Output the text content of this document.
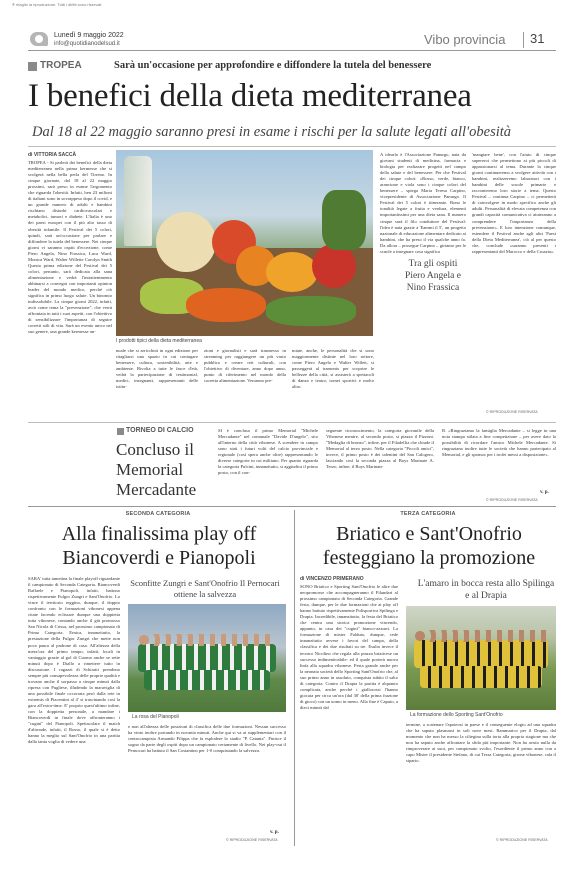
® ritaglio la riproduzione. Tutti i diritti sono riservati
Lunedì 9 maggio 2022
info@quotidianodelsud.it	Vibo provincia 31
TROPEA	Sarà un'occasione per approfondire e diffondere la tutela del benessere
I benefici della dieta mediterranea
Dal 18 al 22 maggio saranno presi in esame i rischi per la salute legati all'obesità
di VITTORIA SACCÀ
TROPEA - Si parlerà dei benefici della dieta mediterranea nella prima kermesse che si svolgerà nella bella perla del Tirreno. In cinque giornate, dal 18 al 22 maggio prossimi, sarà preso in esame l'argomento che riguarda l'obesità. Infatti, ben 23 milioni di italiani sono in sovrappeso dopo il covid, e un grande numero di adulti e bambini rischiano disturbi cardiovascolari e metabolici, tumori e diabete. L'Italia è uno dei paesi europei con il più alto tasso di obesità infantile. Il Festival dei 5 colori, quindi, sarà un'occasione per parlare e diffondere la tutela del benessere. Nei cinque giorni vi saranno ospiti d'eccezione, come Piero Angela, Nino Frassica, Luca Ward, Monica Ward, Walter Willette Carolyn Smith Questa prima edizione del Festival dei 5 colori, pertanto, sarà dedicata alla sana alimentazione e vedrà l'intrattenimento abbinarsi a convegni con importanti opinion leader del mondo medico, perché ciò significa in primo luogo salute. Un binomio indissolubile. La cinque giorni 2022, infatti, avrà come tema la "prevenzione", che verrà affrontata in tutti i suoi aspetti, con l'obiettivo di sensibilizzare l'importanza di seguire corretti stili di vita. Sarà un evento unico nel suo genere, una grande kermesse an-
I prodotti tipici della dieta mediterranea
nuale che si arricchirà in ogni edizione per ritagliarsi uno spazio in cui coniugare benessere, cultura, sostenibilità, arte e ambiente. Rivolta a tutte le fasce d'età, vedrà la partecipazione di testimonial, medici, insegnanti, rappresentanti delle istitu-
zioni e giornalisti e sarà trasmesso in streaming per raggiungere un più vasto pubblico e creare reti culturali, con l'obiettivo di diventare, anno dopo anno, punto di riferimento nel mondo della corretta alimentazione. Verranno pre-
miate, anche, le personalità che si sono maggiormente distinte nel loro settore, come Piero Angela e Walter Willett, si passeggerà al tramonto per scoprire le bellezze della città, si assisterà a spettacoli di danza e teatro, tornei sportivi e molto altro.
A idearlo è l'Associazione Panurgo, nata da giovani studenti di medicina, farmacia e biologia per realizzare progetti nel campo della salute e del benessere. Per che Festival dei cinque colori: «Rosso, verde, bianco, arancione e viola sono i cinque colori del benessere – spiega Maria Teresa Carpino, vicepresidente di Associazione Panurgo. Il Festival dei 5 colori è itinerante. Bono le tonalità legate a frutta e verdura, elementi importantissimi per una dieta sana. Il numero cinque sarà il filo conduttore del Festival: l'idea è nata grazie a 'Eammi il 5', un progetto nazionale di educazione alimentare dedicato ai bambini, che ha preso il via qualche anno fa. Da allora – prosegue Carpino – giriamo per le scuole a insegnare cosa significa
Tra gli ospiti Piero Angela e Nino Frassica
'mangiare bene', con l'aiuto di cinque supereroi che permettono ai più piccoli di appassionarsi al tema. Durante la cinque giorni continueremo a svolgere attività con i bambini, realizzeremo laboratori con i bambini delle scuole primarie e racconteremo loro storie a tema. Questo Festival – continua Carpino – ci permetterà di coinvolgere in modo specifico anche gli adulti. Personalità di elevata competenza con grandi capacità comunicativa ci aiuteranno a comprendere l'importanza della prevenzione». E loro intenzione comunque, estendere il Festival anche agli altri 'Paesi della Dieta Mediterranea', ciò al per questo che, conclude «saranno presenti i rappresentanti del Marocco e della Croazia».
© RIPRODUZIONE RISERVATA
TORNEO DI CALCIO
Concluso il Memorial Mercadante
SI è concluso il primo Memorial "Michele Mercadante" nel comunale "Davide D'angelo", sito all'interno della città vibonese. A scendere in campo sono stati i futuri volti del calcio provinciale e regionale (così spera anche oltre) rappresentando le diverse categorie in cui militano. Per quanto riguarda la categoria Pulcini, innanzitutto, si aggiudica il primo posto, con il con-
seguente riconoscimento, la categoria giovanile della Vibonese mentre, al secondo posto, si piazza il Pizzoni. "Medaglia di bronzo", infine, per il Filadelfia che chiude il Memorial al terzo posto. Nella categoria "Piccoli amici", invece, il primo posto è dei talentini del San Calogero, lasciando così la seconda piazza al Boys Marinate A. Terzo, infine, il Boys Marinate
B. «Ringraziamo la famiglia Mercadante – si legge in una nota stampa stilata a fine competizione – per avere dato la possibilità di ricordare l'amico Michele Mercadante. Si ringraziano inoltre tutte le società che hanno partecipato al Memorial, e gli sponsor per i trofei messi a disposizione».
v. p.
© RIPRODUZIONE RISERVATA
SECONDA CATEGORIA
Alla finalissima play off Biancoverdi e Pianopoli
SARA' tutta tametina la finale playoff riguardante il campionato di Seconda Categoria. Biancoverdi Raffaele e Pianopoli, infatti, battono rispettivamente Fulgor Zungri e Sant'Onofrio. Lo vince il territorio reggino, dunque, il doppio confronto con le formazioni vibonesi appena citate facendo eclissare dunque una doppietta tutta vibonese, contando anche il già promosso San Nicola di Crissa, nel prossimo campionato di Prima Categoria. Ernica, innanzitutto, la prestazione della Fulgor Zungri che mette non poca paura al padrone di casa. All'altezza della mezz'ora del primo tempo, infatti, locali in vantaggio grazie al gol di Cuomo anche se sette minuti dopo è Diallo a rimettere tutto in discussione. I ragazzi di Schiariti prendono sempre più consapevolezza delle proprie qualità e trovano anche il sorpasso a cinque minuti dalla ripresa con Pugliese, illudendo la maraviglia di una possibile finale occorrata però dalla rete in extremis di Piacentini al 4' st trascinando così la gara all'extra-time. E' proprio quest'ultimo infine, con la doppietta personale, a mandare i Biancoverdi in finale dove affronteranno i "cugini" del Pianopoli. Spettacolare il match d'altronde, infatti, il Rosso, il quale si è detto hanno la meglio sul Sant'Onofrio in una partita dalla tanta voglia di vedere una
Sconfitte Zungri e Sant'Onofrio Il Pernocari ottiene la salvezza
La rosa del Pianopoli
e non all'altezza delle posizioni di classifica delle due formazioni. Nessun successo ha vinto inoltre portando in novanta minuti. Anche qui si va ai supplementari con il centrocampista Armando Filippa che fa esplodere lo stadio "P. Catania". Finisce il sogno da parte degli ospiti dopo un campionato certamente di livello. Nei play-out il Pernocari ha battuto il San Costantino per 1-0 conquistando la salvezza.
v. p.
© RIPRODUZIONE RISERVATA
TERZA CATEGORIA
Briatico e Sant'Onofrio festeggiano la promozione
di VINCENZO PRIMERANO
SONO Briatico e Sporting Sant'Onofrio le altre due neopromosse che accompagneranno il Filandari al prossimo campionato di Seconda Categoria. Grande festa, dunque, per le due formazioni che ai play off hanno battuto rispettivamente Polisportiva Spilinga e Drapia. Incredibile, innanzitutto, la festa del Briatico che centra una storica promozione vincendo, appunto, in casa dei "cugini" bianco-azzurri. La formazione di mister Falduto, dunque, cede innanzitutto avvese i favori del campo, della classifica e dei due risultati su tre. Esulta invece il tecnico Nicolino che regala alla piazza briaticese un successo indimenticabile: ed il quale porterà nuova linfa alla squadra vibonese. Festa grande anche per la neonata società dello Sporting Sant'Onofrio che, al suo primo anno in assoluto, conquista subito il salto di categoria. Contro il Drapia la partita è alquanto complicata, anche perché i giallorossi l'hanno giocata per circa un'ora (dal 30' della prima frazione di gioco) con un uomo in meno. Alla fine è Caputo, a dieci minuti dal
L'amaro in bocca resta allo Spilinga e al Drapia
La formazione dello Sporting Sant'Onofrio
termine, a scatenare l'apoteosi in paese e il conseguente elogio ad una squadra che ha saputo plasmarsi in soli nove mesi. Rammarico per il Drapia, dal momento che non ha messo la ciliegina sulla torta alla propria stagione ma che non ha saputo anche affrontare la sfida più importante. Non ha avuto nulla da rimproverare ai suoi, per campionato svolto, l'esordiente il primo anno con a capo Mister il presidente Stefano, di cui Terza Categoria, girone vibonese, cala il sipario.
© RIPRODUZIONE RISERVATA
